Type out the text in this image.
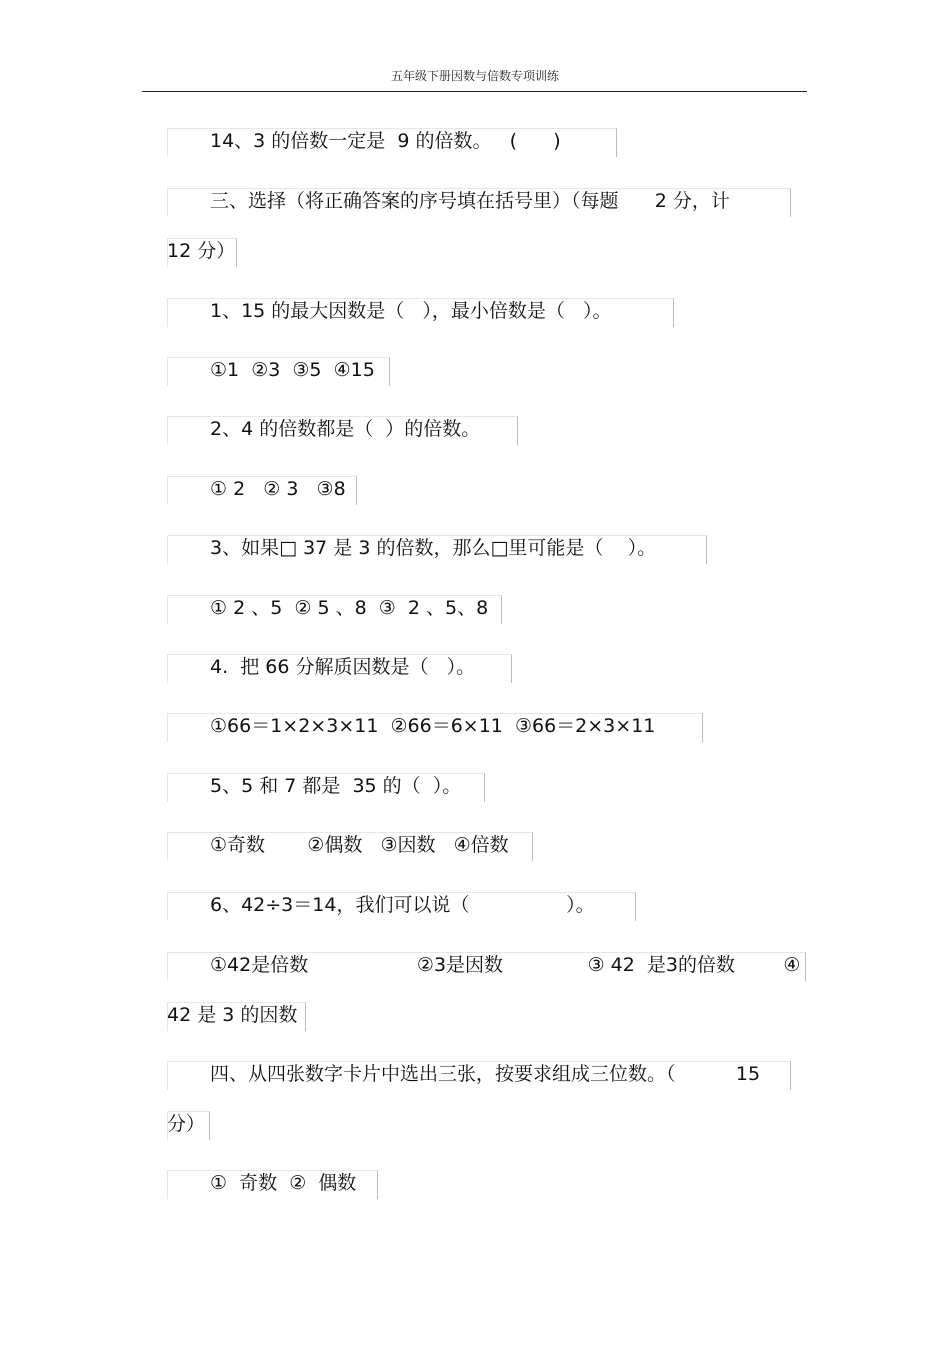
五年级下册因数与倍数专项训练
14、3 的倍数一定是  9 的倍数。   (      )
三、选择（将正确答案的序号填在括号里）（每题      2 分，计
12 分）
1、15 的最大因数是（   ），最小倍数是（   ）。
①1  ②3  ③5  ④15
2、4 的倍数都是（  ）的倍数。
① 2   ② 3   ③8
3、如果□ 37 是 3 的倍数，那么□里可能是（    ）。
① 2 、5  ② 5 、8  ③  2 、5、8
4.  把 66 分解质因数是（   ）。
①66＝1×2×3×11  ②66＝6×11  ③66＝2×3×11
5、5 和 7 都是  35 的（  ）。
①奇数       ②偶数   ③因数   ④倍数
6、42÷3＝14，我们可以说（                ）。
①42是倍数                  ②3是因数              ③ 42  是3的倍数        ④
42 是 3 的因数
四、从四张数字卡片中选出三张，按要求组成三位数。（          15
分）
①  奇数  ②  偶数
